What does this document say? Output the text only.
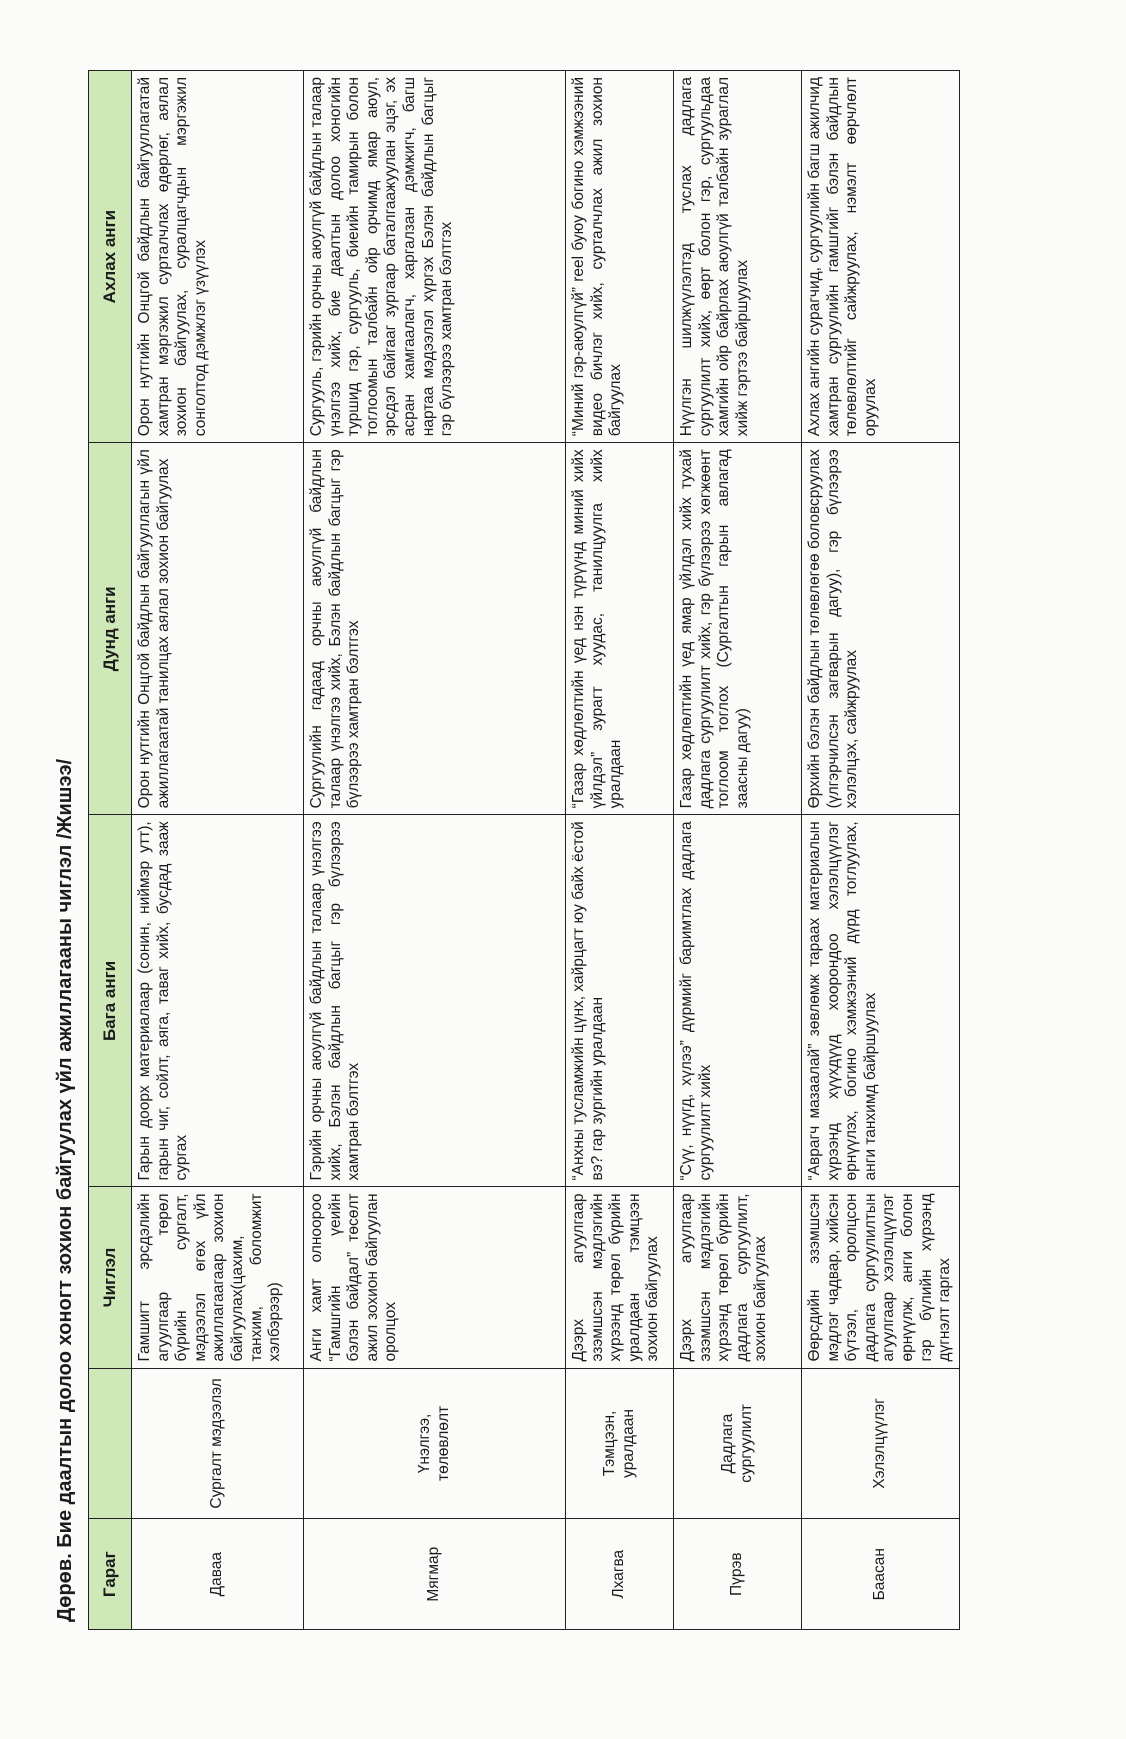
Дөрөв. Бие даалтын долоо хоногт зохион байгуулах үйл ажиллагааны чиглэл /Жишээ/	Гараг		Чиглэл	Бага анги	Дунд анги	Ахлах анги
Даваа	Сургалт мэдээлэл	Гамшигт эрсдэлийн агуулгаар төрөл бүрийн сургалт, мэдээлэл өгөх үйл ажиллагаагаар зохион байгуулах(цахим, танхим, боломжит хэлбэрээр)	Гарын доорх материалаар (сонин, ниймэр утт), гарын чиг, сойлт, аяга, таваг хийх, бусдад зааж сургах	Орон нутгийн Онцгой байдлын байгууллагын үйл ажиллагаатай танилцах аялал зохион байгуулах	Орон нутгийн Онцгой байдлын байгууллагатай хамтран мэргэжил сурталчлах өдөрлөг, аялал зохион байгуулах, суралцагчдын мэргэжил сонголтод дэмжлэг үзүүлэх
Мягмар	Үнэлгээ, төлөвлөлт	Анги хамт олноороо “Гамшгийн үеийн бэлэн байдал” төсөлт ажил зохион байгуулан оролцох	Гэрийн орчны аюулгүй байдлын талаар үнэлгээ хийх, Бэлэн байдлын багцыг гэр бүлээрээ хамтран бэлтгэх	Сургуулийн гадаад орчны аюулгүй байдлын талаар үнэлгээ хийх, Бэлэн байдлын багцыг гэр бүлээрээ хамтран бэлтгэх	Сургууль, гэрийн орчны аюулгүй байдлын талаар үнэлгээ хийх, бие даалтын долоо хоногийн туршид гэр, сургууль, биеийн тамирын болон тоглоомын талбайн ойр орчимд ямар аюул, эрсдэл байгааг зургаар баталгаажуулан эцэг, эх асран хамгаалагч, харгалзан дэмжигч, багш нартаа мэдээлэл хүргэх Бэлэн байдлын багцыг гэр бүлээрээ хамтран бэлтгэх
Лхагва	Тэмцээн, уралдаан	Дээрх агуулгаар эзэмшсэн мэдлэгийн хүрээнд төрөл бүрийн уралдаан тэмцээн зохион байгуулах	“Анхны тусламжийн цүнх, хайрцагт юу байх ёстой вэ? гар зургийн уралдаан	“Газар хөдлөлтийн үед нэн түрүүнд миний хийх үйлдэл” зурагт хуудас, танилцуулга хийх уралдаан	“Миний гэр-аюулгүй” reel буюу богино хэмжээний видео бичлэг хийх, сурталчлах ажил зохион байгуулах
Пүрэв	Дадлага сургуулилт	Дээрх агуулгаар эзэмшсэн мэдлэгийн хүрээнд төрөл бүрийн дадлага сургуулилт, зохион байгуулах	“Сүү, нүүгд, хүлээ” дүрмийг баримтлах дадлага сургуулилт хийх	Газар хөдлөлтийн үед ямар үйлдэл хийх тухай дадлага сургуулилт хийх, гэр бүлээрээ хөгжөөнт тоглоом тоглох (Сургалтын гарын авлагад заасны дагуу)	Нүүлгэн шилжүүлэлтэд туслах дадлага сургуулилт хийх, өөрт болон гэр, сургуульдаа хамгийн ойр байрлах аюулгүй талбайн зураглал хийж гэртээ байршуулах
Баасан	Хэлэлцүүлэг	Өөрсдийн эзэмшсэн мэдлэг чадвар, хийсэн бүтээл, оролцсон дадлага сургуулилтын агуулгаар хэлэлцүүлэг өрнүүлж, анги болон гэр бүлийн хүрээнд дүгнэлт гаргах	“Аврагч мазаалай” зөвлөмж тараах материалын хүрээнд хүүхдүүд хоорондоо хэлэлцүүлэг өрнүүлэх, богино хэмжээний дүрд тоглуулах, анги танхимд байршуулах	Өрхийн бэлэн байдлын төлөвлөгөө боловсруулах (үлгэрчилсэн загварын дагуу), гэр бүлээрээ хэлэлцэх, сайжруулах	Ахлах ангийн сурагчид, сургуулийн багш ажилчид хамтран сургуулийн гамшгийг бэлэн байдлын төлөвлөлтийг сайжруулах, нэмэлт өөрчлөлт оруулах
